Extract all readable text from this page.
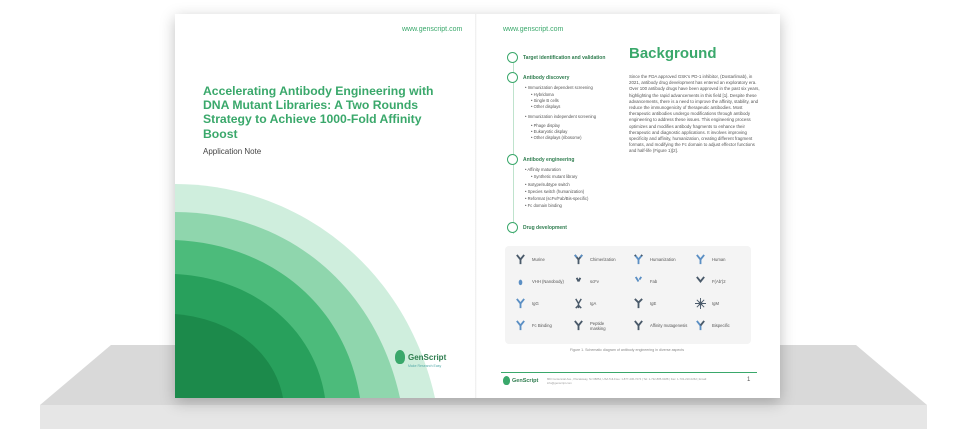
www.genscript.com
Accelerating Antibody Engineering with DNA Mutant Libraries: A Two Rounds Strategy to Achieve 1000-Fold Affinity Boost
Application Note
GenScript
Make Research Easy
www.genscript.com
Target identification and validation
Antibody discovery
• Immunization dependent screening
• Hybridoma
• Single B cells
• Other displays
• Immunization independent screening
• Phage display
• Eukaryotic display
• Other displays (ribosome)
Antibody engineering
• Affinity maturation
• Synthetic mutant library
• Isotype/subtype switch
• Species switch (humanization)
• Reformat (scFv/Fab/Bis-specific)
• Fc domain binding
Drug development
Background
Since the FDA approved GSK's PD-1 inhibitor, (Dostarlimab), in 2021, antibody drug development has entered an exploratory era. Over 100 antibody drugs have been approved in the past six years, highlighting the rapid advancements in this field [1]. Despite these advancements, there is a need to improve the affinity, stability, and reduce the immunogenicity of therapeutic antibodies. Most therapeutic antibodies undergo modifications through antibody engineering to address these issues. This engineering process optimizes and modifies antibody fragments to enhance their therapeutic and diagnostic applications. It involves improving specificity and affinity, humanization, creating different fragment formats, and modifying the Fc domain to adjust effector functions and half-life (Figure 1)[2].
Murine	Chimerization	Humanization	Human
VHH (Nanobody)	scFv	Fab	F(Ab')2
IgG	IgA	IgE	IgM
Fc Binding	Peptide masking	Affinity mutagenesis	Bispecific
Figure 1. Schematic diagram of antibody engineering in diverse aspects
GenScript	860 Centennial Ave., Piscataway, NJ 08854, USA Toll-Free: 1-877-436-7274 | Tel: 1-732-885-9188 | Fax: 1-732-210-0262 | Email: info@genscript.com	1
